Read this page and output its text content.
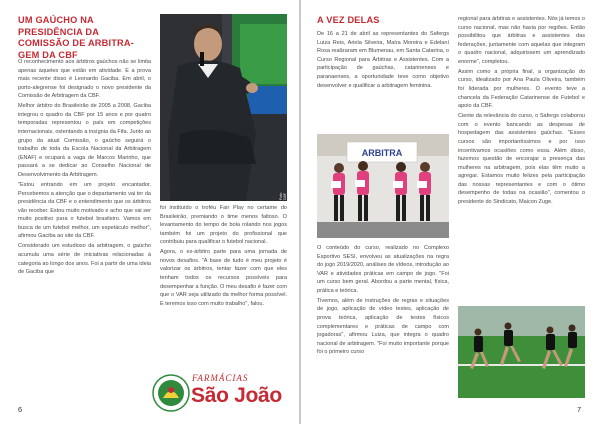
UM GAÚCHO NA PRESIDÊNCIA DA COMISSÃO DE ARBITRA- GEM DA CBF

O reconhecimento aos árbitros gaúchos não se limita apenas àqueles que estão em atividade. E a prova mais recente disso é Leonardo Gaciba. Em abril, o porto-alegrense foi designado o novo presidente da Comissão de Arbitragem da CBF.

Melhor árbitro do Brasileirão de 2005 a 2008, Gaciba integrou o quadro da CBF por 15 anos e por quatro temporadas representou o país em competições internacionais, ostentando a insígnia da Fifa. Junto ao grupo da atual Comissão, o gaúcho seguirá o trabalho de toda da Escola Nacional da Arbitragem (ENAF) e ocupará a vaga de Marcos Marinho, que passará a se dedicar ao Conselho Nacional de Desenvolvimento da Arbitragem.

"Estou entrando em um projeto encantador. Percebemos a atenção que o departamento vai ter da presidência da CBF e o entendimento que os árbitros vão receber. Estou muito motivado e acho que vai ser muito positivo para o futebol brasileiro. Vamos em busca de um futebol melhor, um espetáculo melhor", afirmou Gaciba ao site da CBF.

Considerado um estudioso da arbitragem, o gaúcho acumula uma série de iniciativas relacionadas à categoria ao longo dos anos. Foi a partir de uma ideia de Gaciba que

Foto: CBF

foi instituído o troféu Fair Play no certame do Brasileirão, premiando o time menos faltoso. O levantamento do tempo de bola rolando nos jogos também foi um projeto do profissional que contribuiu para qualificar o futebol nacional.

Agora, o ex-árbitro parte para uma jornada de novos desafios. "A base de tudo é meu projeto é valorizar os árbitros, tentar fazer com que eles tenham todos os recursos possíveis para desempenhar a função. O meu desafio é fazer com que o VAR seja utilizado da melhor forma possível. E teremos isso com muito trabalho", falou.

FARMÁCIAS
São João
6
A VEZ DELAS

De 16 a 21 de abril as representantes do Safergs Luiza Reis, Ariela Silveira, Maíra Moreira e Edelaní Rosa realizaram em Blumenau, em Santa Catarina, o Curso Regional para Árbitras e Assistentes. Com a participação de gaúchas, catarinenses e paranaenses, a oportunidade teve como objetivo desenvolver e qualificar a arbitragem feminina.

ARBITRA

O conteúdo do curso, realizado no Complexo Esportivo SESI, envolveu as atualizações na regra do jogo 2019/2020, análises de vídeos, introdução ao VAR e atividades práticas em campo de jogo. "Foi um curso bem geral. Abordou a parte mental, física, prática e teórica.

Tivemos, além de instruções de regras e situações de jogo, aplicação de vídeo testes, aplicação de prova teórica, aplicação de testes físicos complementares e práticas de campo com jogadoras", afirmou Luiza, que integra o quadro nacional de arbitragem. "Foi muito importante porque foi o primeiro curso

regional para árbitras e assistentes. Nós já temos o curso nacional, mas não havia por regiões. Então possibilitou que árbitras e assistentes das federações, juntamente com aquelas que integram o quadro nacional, adquirissem um aprendizado enorme", completou.

Assim como a própria final, a organização do curso, idealizado por Ana Paula Oliveira, também foi liderada por mulheres. O evento teve a chancela da Federação Catarinense de Futebol e apoio da CBF.

Ciente da relevância do curso, o Safergs colaborou com o evento bancando as despesas de hospedagem das assistentes gaúchas. "Esses cursos são importantíssimos e por isso incentivamos ocasiões como essa. Além disso, fazemos questão de encorajar a presença das mulheres na arbitragem, pois elas têm muito a agregar. Estamos muito felizes pela participação das nossas representantes e com o ótimo desempenho de todas na ocasião", comentou o presidente do Sindicato, Maicon Zuge.

7
